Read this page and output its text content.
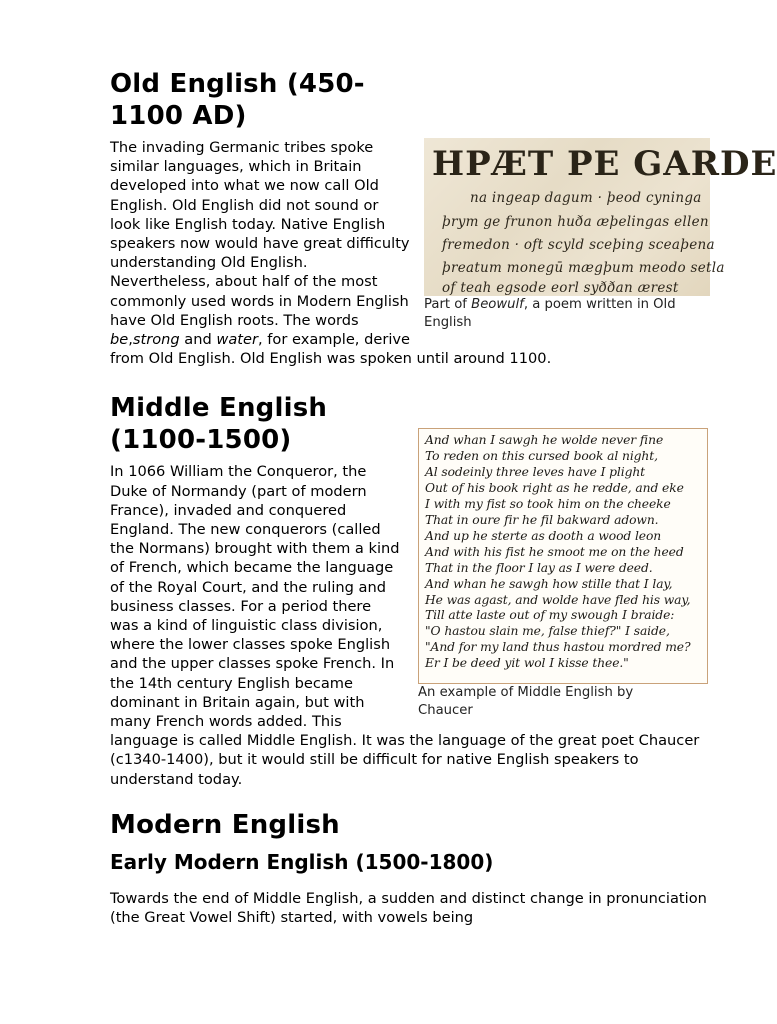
Old English (450-1100 AD)
HPÆT PE GARDE
na ingeap dagum · þeod cyninga
þrym ge frunon huða æþelingas ellen
fremedon · oft scyld sceþing sceaþena
þreatum monegū mægþum meodo setla
of teah egsode eorl syððan ærest
Part of Beowulf, a poem written in Old English

The invading Germanic tribes spoke similar languages, which in Britain developed into what we now call Old English. Old English did not sound or look like English today. Native English speakers now would have great difficulty understanding Old English. Nevertheless, about half of the most commonly used words in Modern English have Old English roots. The words be,strong and water, for example, derive from Old English. Old English was spoken until around 1100.

Middle English (1100-1500)	And whan I sawgh he wolde never fine
To reden on this cursed book al night,
Al sodeinly three leves have I plight
Out of his book right as he redde, and eke
I with my fist so took him on the cheeke
That in oure fir he fil bakward adown.
And up he sterte as dooth a wood leon
And with his fist he smoot me on the heed
That in the floor I lay as I were deed.
And whan he sawgh how stille that I lay,
He was agast, and wolde have fled his way,
Till atte laste out of my swough I braide:
"O hastou slain me, false thief?" I saide,
"And for my land thus hastou mordred me?
Er I be deed yit wol I kisse thee."
An example of Middle English by Chaucer

In 1066 William the Conqueror, the Duke of Normandy (part of modern France), invaded and conquered England. The new conquerors (called the Normans) brought with them a kind of French, which became the language of the Royal Court, and the ruling and business classes. For a period there was a kind of linguistic class division, where the lower classes spoke English and the upper classes spoke French. In the 14th century English became dominant in Britain again, but with many French words added. This language is called Middle English. It was the language of the great poet Chaucer (c1340-1400), but it would still be difficult for native English speakers to understand today.

Modern English
Early Modern English (1500-1800)

Towards the end of Middle English, a sudden and distinct change in pronunciation (the Great Vowel Shift) started, with vowels being
